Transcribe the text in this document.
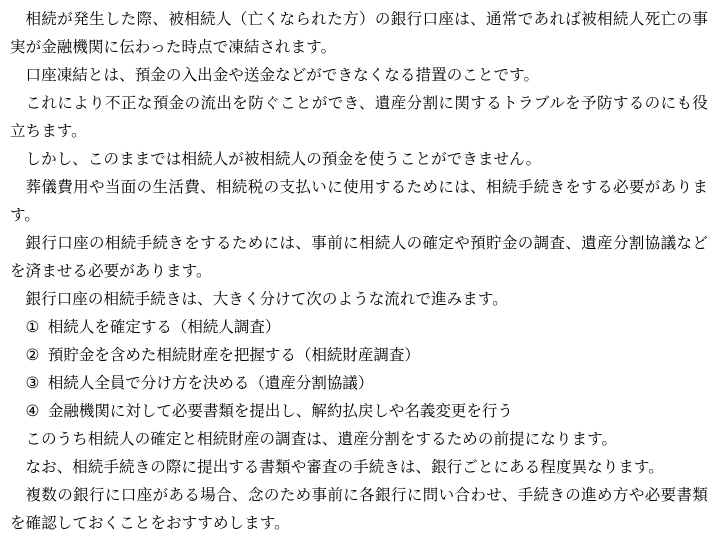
相続が発生した際、被相続人（亡くなられた方）の銀行口座は、通常であれば被相続人死亡の事実が金融機関に伝わった時点で凍結されます。

口座凍結とは、預金の入出金や送金などができなくなる措置のことです。

これにより不正な預金の流出を防ぐことができ、遺産分割に関するトラブルを予防するのにも役立ちます。

しかし、このままでは相続人が被相続人の預金を使うことができません。

葬儀費用や当面の生活費、相続税の支払いに使用するためには、相続手続きをする必要があります。

銀行口座の相続手続きをするためには、事前に相続人の確定や預貯金の調査、遺産分割協議などを済ませる必要があります。

銀行口座の相続手続きは、大きく分けて次のような流れで進みます。

① 相続人を確定する（相続人調査）

② 預貯金を含めた相続財産を把握する（相続財産調査）

③ 相続人全員で分け方を決める（遺産分割協議）

④ 金融機関に対して必要書類を提出し、解約払戻しや名義変更を行う

このうち相続人の確定と相続財産の調査は、遺産分割をするための前提になります。

なお、相続手続きの際に提出する書類や審査の手続きは、銀行ごとにある程度異なります。

複数の銀行に口座がある場合、念のため事前に各銀行に問い合わせ、手続きの進め方や必要書類を確認しておくことをおすすめします。
